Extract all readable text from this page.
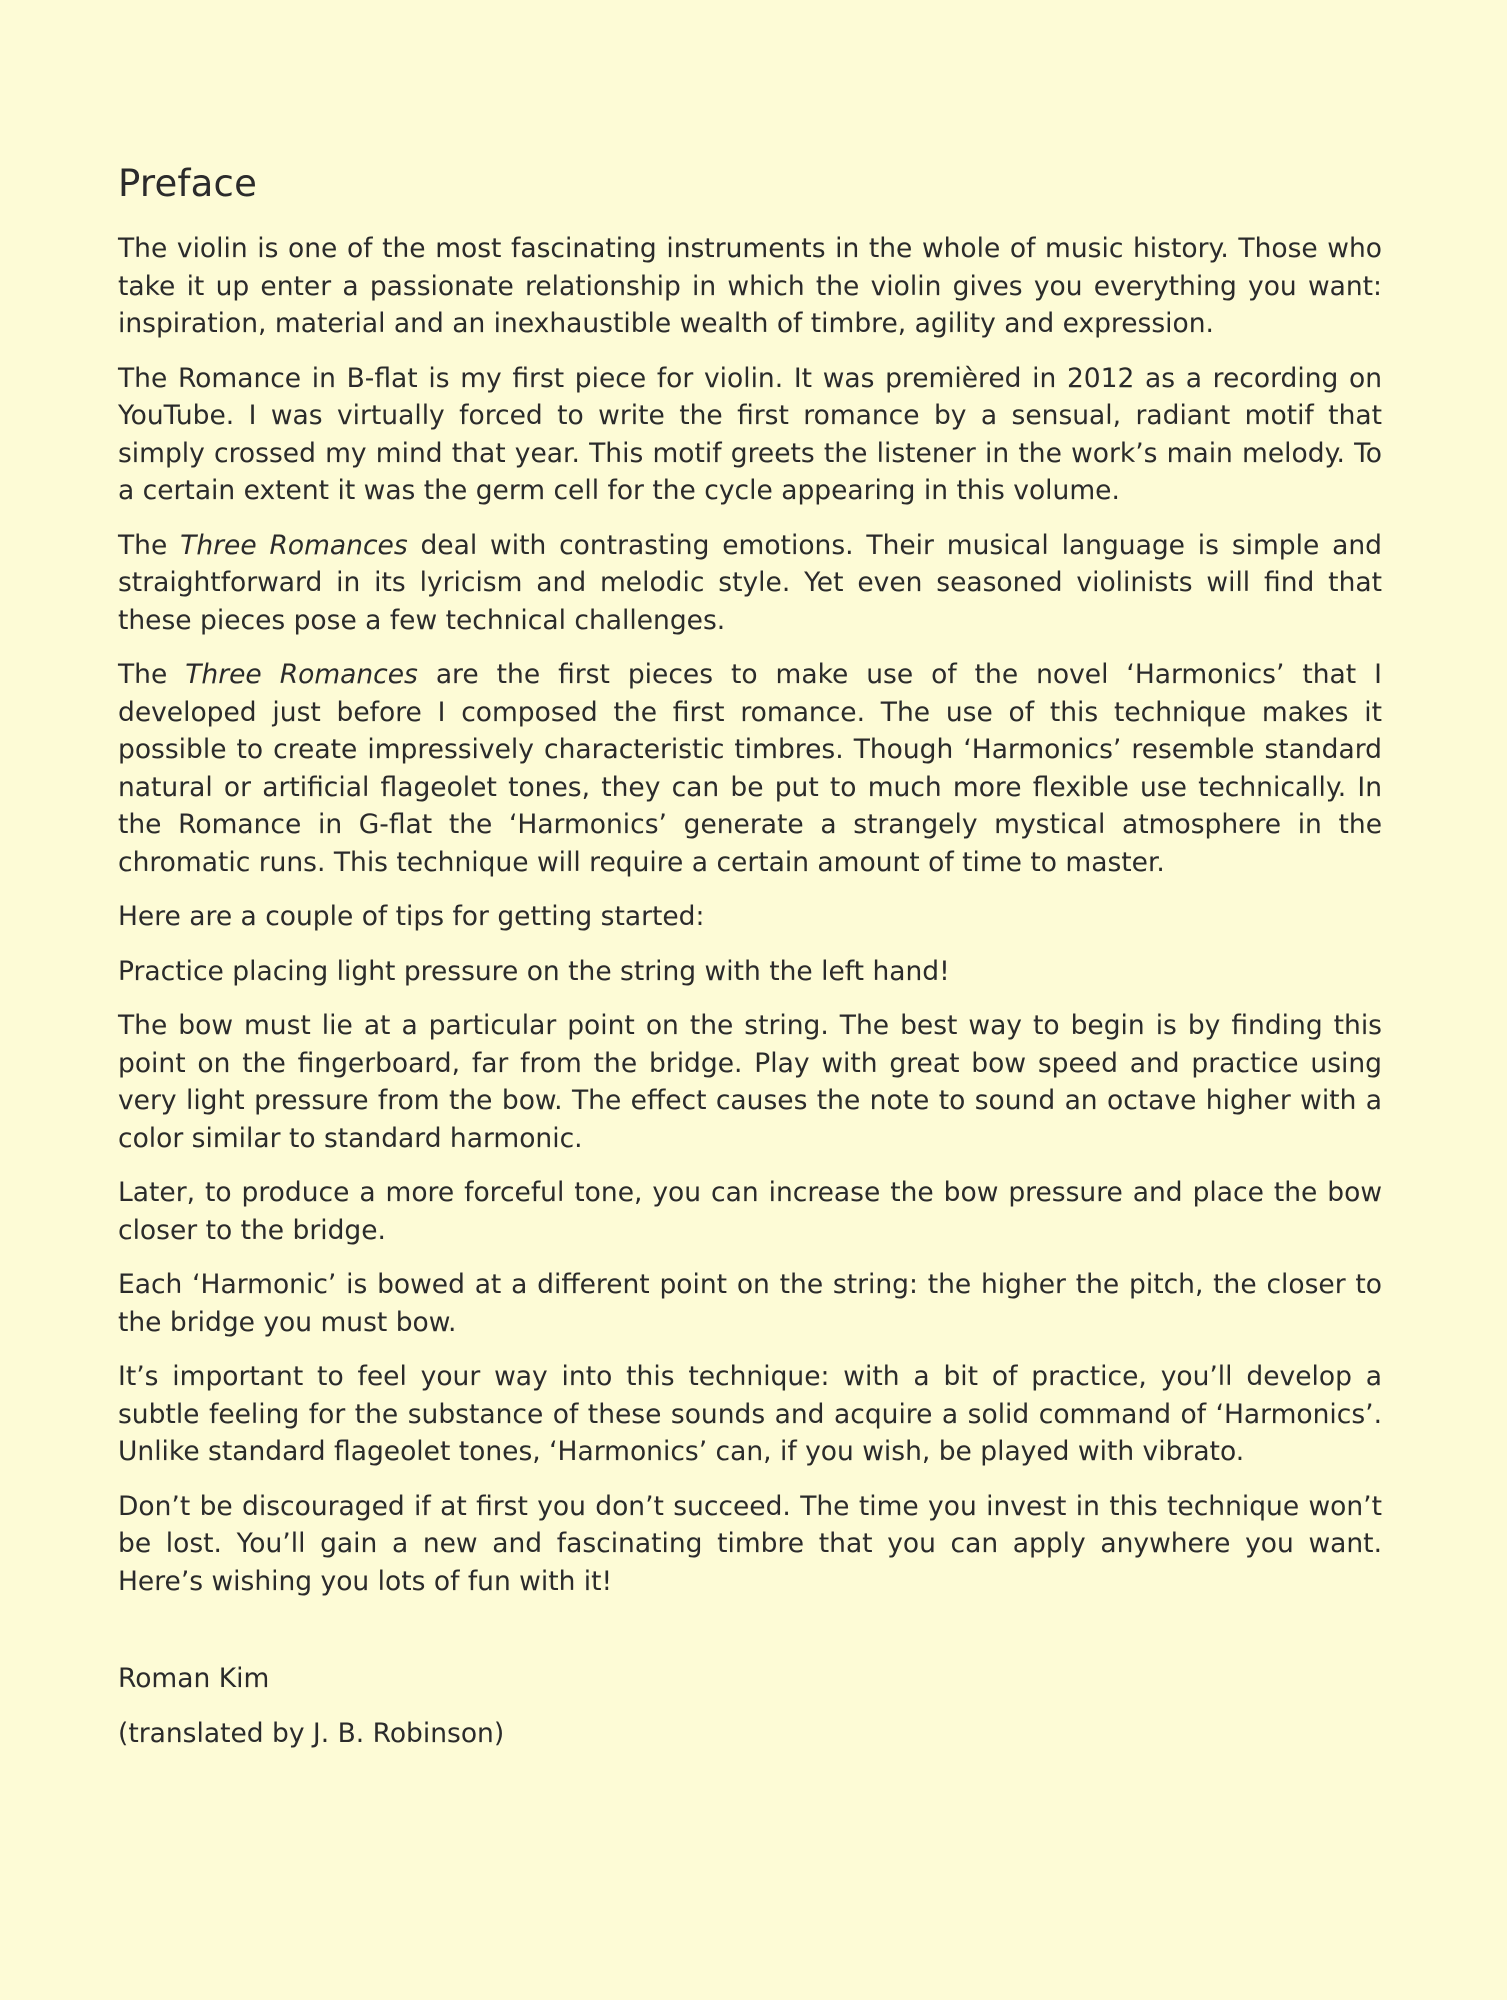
Preface

The violin is one of the most fascinating instruments in the whole of music history. Those who take it up enter a passionate relationship in which the violin gives you everything you want: inspiration, material and an inexhaustible wealth of timbre, agility and expression.

The Romance in B-flat is my first piece for violin. It was premièred in 2012 as a recording on YouTube. I was virtually forced to write the first romance by a sensual, radiant motif that simply crossed my mind that year. This motif greets the listener in the work’s main melody. To a certain extent it was the germ cell for the cycle appearing in this volume.

The Three Romances deal with contrasting emotions. Their musical language is simple and straightforward in its lyricism and melodic style. Yet even seasoned violinists will find that these pieces pose a few technical challenges.

The Three Romances are the first pieces to make use of the novel ‘Harmonics’ that I developed just before I composed the first romance. The use of this technique makes it possible to create impressively characteristic timbres. Though ‘Harmonics’ resemble standard natural or artificial flageolet tones, they can be put to much more flexible use technically. In the Romance in G-flat the ‘Harmonics’ generate a strangely mystical atmosphere in the chromatic runs. This technique will require a certain amount of time to master.

Here are a couple of tips for getting started:

Practice placing light pressure on the string with the left hand!

The bow must lie at a particular point on the string. The best way to begin is by finding this point on the fingerboard, far from the bridge. Play with great bow speed and practice using very light pressure from the bow. The effect causes the note to sound an octave higher with a color similar to standard harmonic.

Later, to produce a more forceful tone, you can increase the bow pressure and place the bow closer to the bridge.

Each ‘Harmonic’ is bowed at a different point on the string: the higher the pitch, the closer to the bridge you must bow.

It’s important to feel your way into this technique: with a bit of practice, you’ll develop a subtle feeling for the substance of these sounds and acquire a solid command of ‘Harmonics’. Unlike standard flageolet tones, ‘Harmonics’ can, if you wish, be played with vibrato.

Don’t be discouraged if at first you don’t succeed. The time you invest in this technique won’t be lost. You’ll gain a new and fascinating timbre that you can apply anywhere you want. Here’s wishing you lots of fun with it!

Roman Kim

(translated by J. B. Robinson)
